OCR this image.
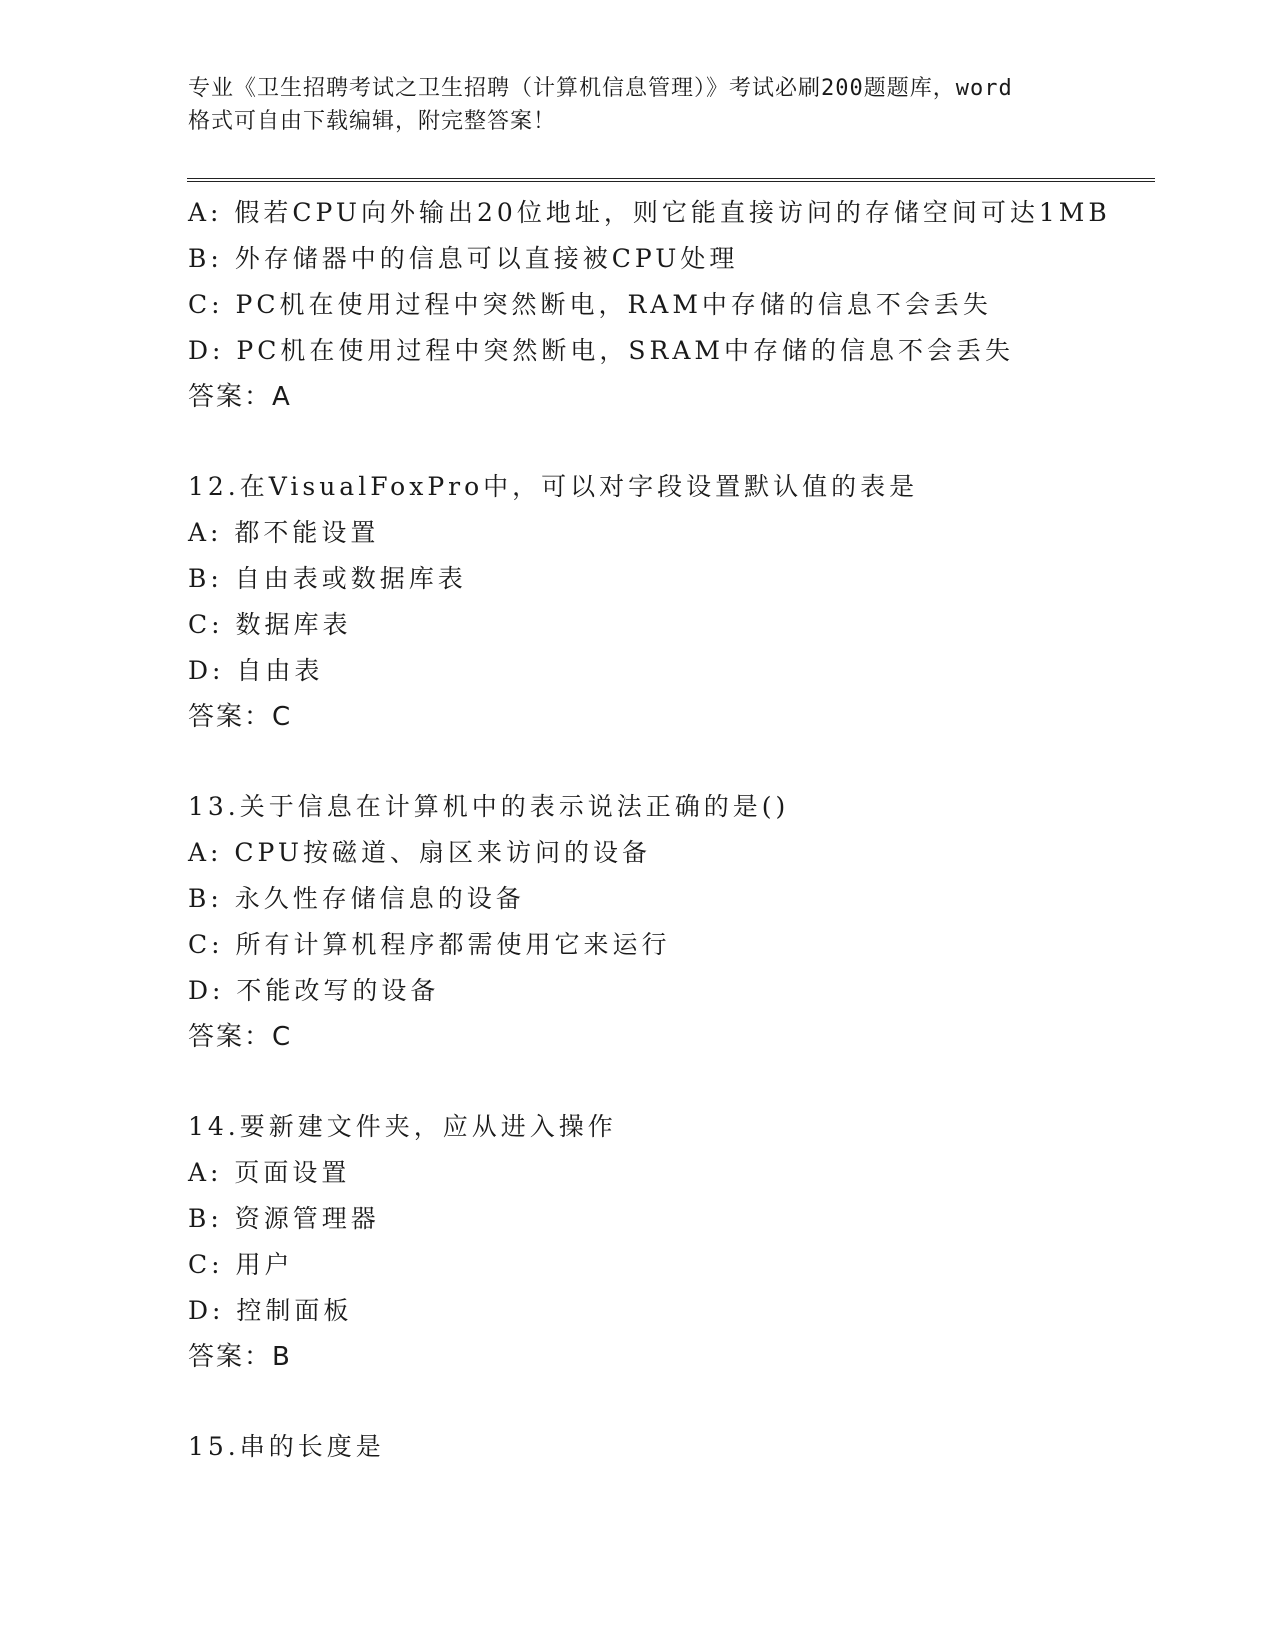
专业《卫生招聘考试之卫生招聘（计算机信息管理）》考试必刷200题题库，word
格式可自由下载编辑，附完整答案！
A: 假若CPU向外输出20位地址，则它能直接访问的存储空间可达1MB
B: 外存储器中的信息可以直接被CPU处理
C: PC机在使用过程中突然断电，RAM中存储的信息不会丢失
D: PC机在使用过程中突然断电，SRAM中存储的信息不会丢失
答案：A
12.在VisualFoxPro中，可以对字段设置默认值的表是
A: 都不能设置
B: 自由表或数据库表
C: 数据库表
D: 自由表
答案：C
13.关于信息在计算机中的表示说法正确的是()
A: CPU按磁道、扇区来访问的设备
B: 永久性存储信息的设备
C: 所有计算机程序都需使用它来运行
D: 不能改写的设备
答案：C
14.要新建文件夹，应从进入操作
A: 页面设置
B: 资源管理器
C: 用户
D: 控制面板
答案：B
15.串的长度是
